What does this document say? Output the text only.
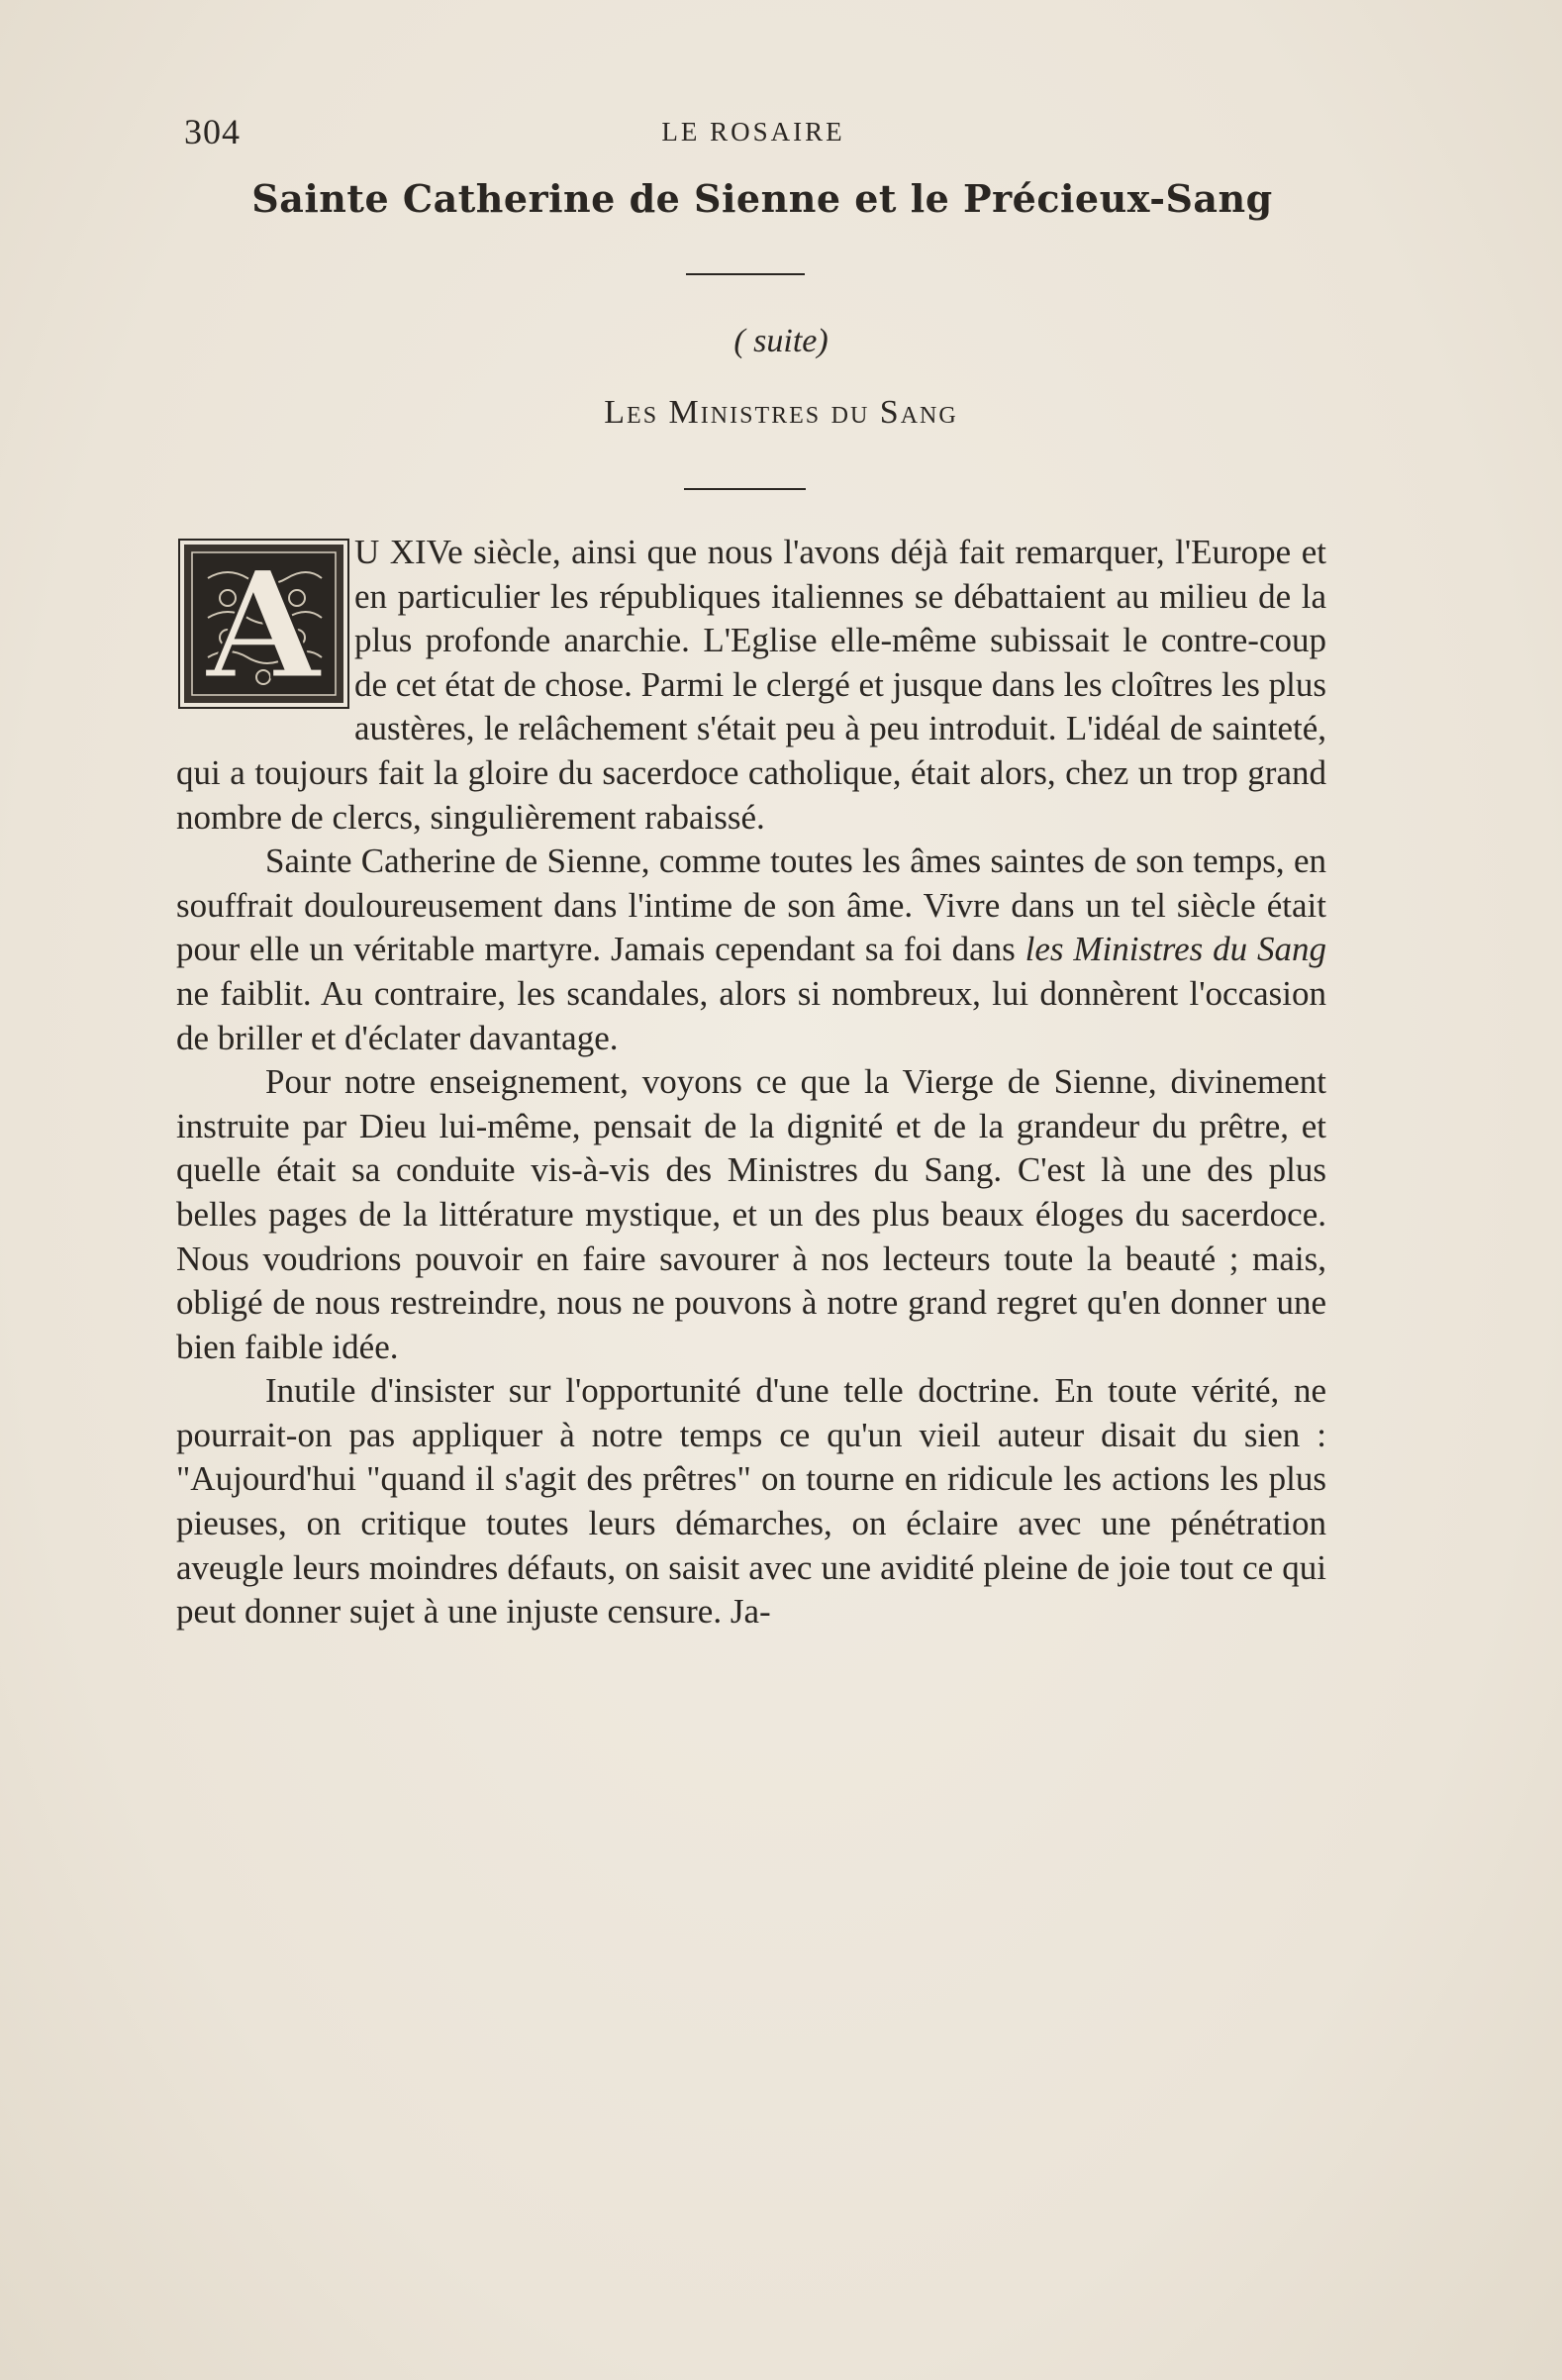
304	LE ROSAIRE
Sainte Catherine de Sienne et le Précieux-Sang
( suite)
Les Ministres du Sang
A U XIVe siècle, ainsi que nous l'avons déjà fait remarquer, l'Europe et en particulier les républiques italiennes se débattaient au milieu de la plus profonde anarchie. L'Eglise elle-même subissait le contre-coup de cet état de chose. Parmi le clergé et jusque dans les cloîtres les plus austères, le relâchement s'était peu à peu introduit. L'idéal de sainteté, qui a toujours fait la gloire du sacerdoce catholique, était alors, chez un trop grand nombre de clercs, singulièrement rabaissé.

Sainte Catherine de Sienne, comme toutes les âmes saintes de son temps, en souffrait douloureusement dans l'intime de son âme. Vivre dans un tel siècle était pour elle un véritable martyre. Jamais cependant sa foi dans les Ministres du Sang ne faiblit. Au contraire, les scandales, alors si nombreux, lui donnèrent l'occasion de briller et d'éclater davantage.

Pour notre enseignement, voyons ce que la Vierge de Sienne, divinement instruite par Dieu lui-même, pensait de la dignité et de la grandeur du prêtre, et quelle était sa conduite vis-à-vis des Ministres du Sang. C'est là une des plus belles pages de la littérature mystique, et un des plus beaux éloges du sacerdoce. Nous voudrions pouvoir en faire savourer à nos lecteurs toute la beauté ; mais, obligé de nous restreindre, nous ne pouvons à notre grand regret qu'en donner une bien faible idée.

Inutile d'insister sur l'opportunité d'une telle doctrine. En toute vérité, ne pourrait-on pas appliquer à notre temps ce qu'un vieil auteur disait du sien : "Aujourd'hui "quand il s'agit des prêtres" on tourne en ridicule les actions les plus pieuses, on critique toutes leurs démarches, on éclaire avec une pénétration aveugle leurs moindres défauts, on saisit avec une avidité pleine de joie tout ce qui peut donner sujet à une injuste censure. Ja-
